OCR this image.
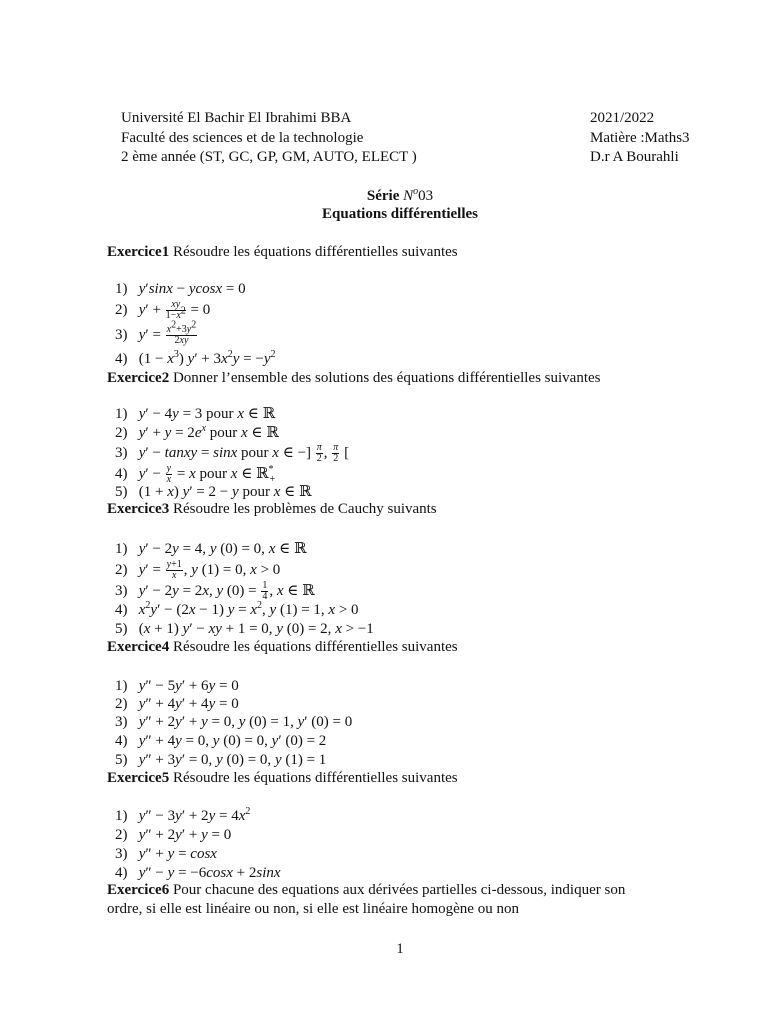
Université El Bachir El Ibrahimi BBA
Faculté des sciences et de la technologie
2 ème année (ST, GC, GP, GM, AUTO, ELECT )
2021/2022
Matière :Maths3
D.r A Bourahli
Série $N^o03$
Equations différentielles
Exercice1 Résoudre les équations différentielles suivantes
1) y′sinx − ycosx = 0
2) $y' + \frac{xy}{1-x^2} = 0$
3) $y' = \frac{x^2+3y^2}{2xy}$
4) $(1 - x^3)$ $y' + 3x^2y = -y^2$
Exercice2 Donner l’ensemble des solutions des équations différentielles suivantes
1) y′ − 4y = 3 pour x ∈ ℝ
2) $y' + y = 2e^x$ pour x ∈ ℝ
3) y′ − tanxy = sinx pour x ∈ −] $\frac{\pi}{2}$ , $\frac{\pi}{2}$ [
4) $y' - \frac{y}{x} = x$ pour x ∈ ℝ*$_+$
5) (1 + x) y′ = 2 − y pour x ∈ ℝ
Exercice3 Résoudre les problèmes de Cauchy suivants
1) y′ − 2y = 4, y (0) = 0, x ∈ ℝ
2) $y' = \frac{y+1}{x}$ , y (1) = 0, x > 0
3) y′ − 2y = 2x, y $(0) = \frac{1}{4}$ , x ∈ ℝ
4) $x^2y' - (2x - 1) y = x^2$, y (1) = 1, x > 0
5) (x + 1) y′ − xy + 1 = 0, y (0) = 2, x > −1
Exercice4 Résoudre les équations différentielles suivantes
1) y″ − 5y′ + 6y = 0
2) y″ + 4y′ + 4y = 0
3) y″ + 2y′ + y = 0, y (0) = 1, y′ (0) = 0
4) y″ + 4y = 0, y (0) = 0, y′ (0) = 2
5) y″ + 3y′ = 0, y (0) = 0, y (1) = 1
Exercice5 Résoudre les équations différentielles suivantes
1) $y'' - 3y' + 2y = 4x^2$
2) y″ + 2y′ + y = 0
3) y″ + y = cosx
4) y″ − y = −6cosx + 2sinx
Exercice6 Pour chacune des equations aux dérivées partielles ci-dessous, indiquer son
ordre, si elle est linéaire ou non, si elle est linéaire homogène ou non
1
